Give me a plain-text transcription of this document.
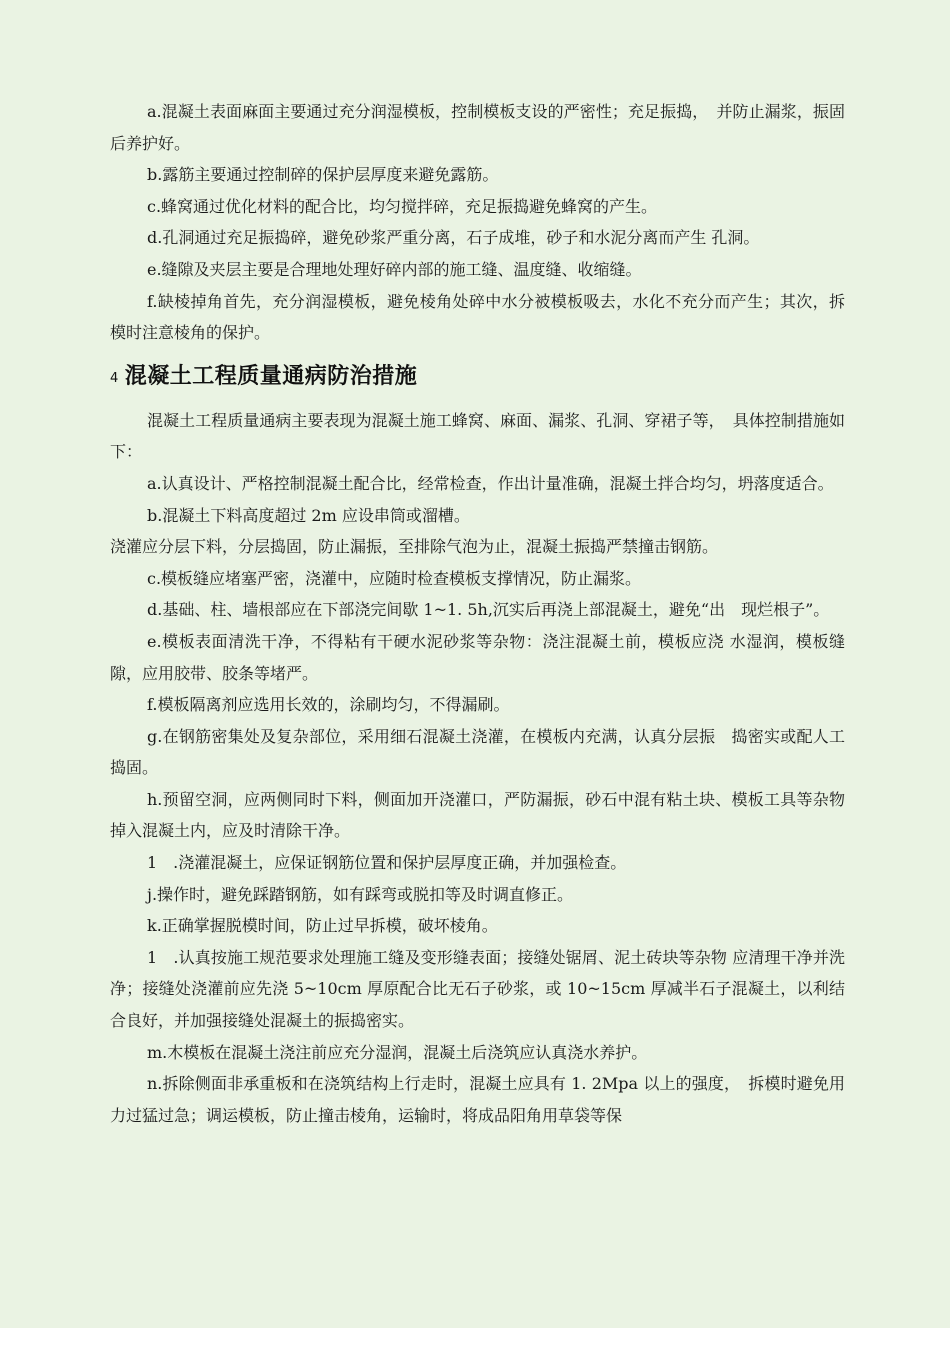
a.混凝土表面麻面主要通过充分润湿模板，控制模板支设的严密性；充足振捣，　并防止漏浆，振固后养护好。

b.露筋主要通过控制碎的保护层厚度来避免露筋。

c.蜂窝通过优化材料的配合比，均匀搅拌碎，充足振捣避免蜂窝的产生。

d.孔洞通过充足振捣碎，避免砂浆严重分离，石子成堆，砂子和水泥分离而产生 孔洞。

e.缝隙及夹层主要是合理地处理好碎内部的施工缝、温度缝、收缩缝。

f.缺棱掉角首先，充分润湿模板，避免棱角处碎中水分被模板吸去，水化不充分而产生；其次，拆模时注意棱角的保护。

4 混凝土工程质量通病防治措施

混凝土工程质量通病主要表现为混凝土施工蜂窝、麻面、漏浆、孔洞、穿裙子等，　具体控制措施如下：

a.认真设计、严格控制混凝土配合比，经常检查，作出计量准确，混凝土拌合均匀，坍落度适合。

b.混凝土下料高度超过 2m 应设串筒或溜槽。

浇灌应分层下料，分层捣固，防止漏振，至排除气泡为止，混凝土振捣严禁撞击钢筋。

c.模板缝应堵塞严密，浇灌中，应随时检查模板支撑情况，防止漏浆。

d.基础、柱、墙根部应在下部浇完间歇 1~1. 5h,沉实后再浇上部混凝土，避免“出　现烂根子”。

e.模板表面清洗干净，不得粘有干硬水泥砂浆等杂物：浇注混凝土前，模板应浇 水湿润，模板缝隙，应用胶带、胶条等堵严。

f.模板隔离剂应选用长效的，涂刷均匀，不得漏刷。

g.在钢筋密集处及复杂部位，采用细石混凝土浇灌，在模板内充满，认真分层振　捣密实或配人工捣固。

h.预留空洞，应两侧同时下料，侧面加开浇灌口，严防漏振，砂石中混有粘土块、模板工具等杂物掉入混凝土内，应及时清除干净。

1　.浇灌混凝土，应保证钢筋位置和保护层厚度正确，并加强检查。

j.操作时，避免踩踏钢筋，如有踩弯或脱扣等及时调直修正。

k.正确掌握脱模时间，防止过早拆模，破坏棱角。

1　.认真按施工规范要求处理施工缝及变形缝表面；接缝处锯屑、泥土砖块等杂物 应清理干净并洗净；接缝处浇灌前应先浇 5~10cm 厚原配合比无石子砂浆，或 10~15cm 厚减半石子混凝土，以利结合良好，并加强接缝处混凝土的振捣密实。

m.木模板在混凝土浇注前应充分湿润，混凝土后浇筑应认真浇水养护。

n.拆除侧面非承重板和在浇筑结构上行走时，混凝土应具有 1. 2Mpa 以上的强度，　拆模时避免用力过猛过急；调运模板，防止撞击棱角，运输时，将成品阳角用草袋等保
